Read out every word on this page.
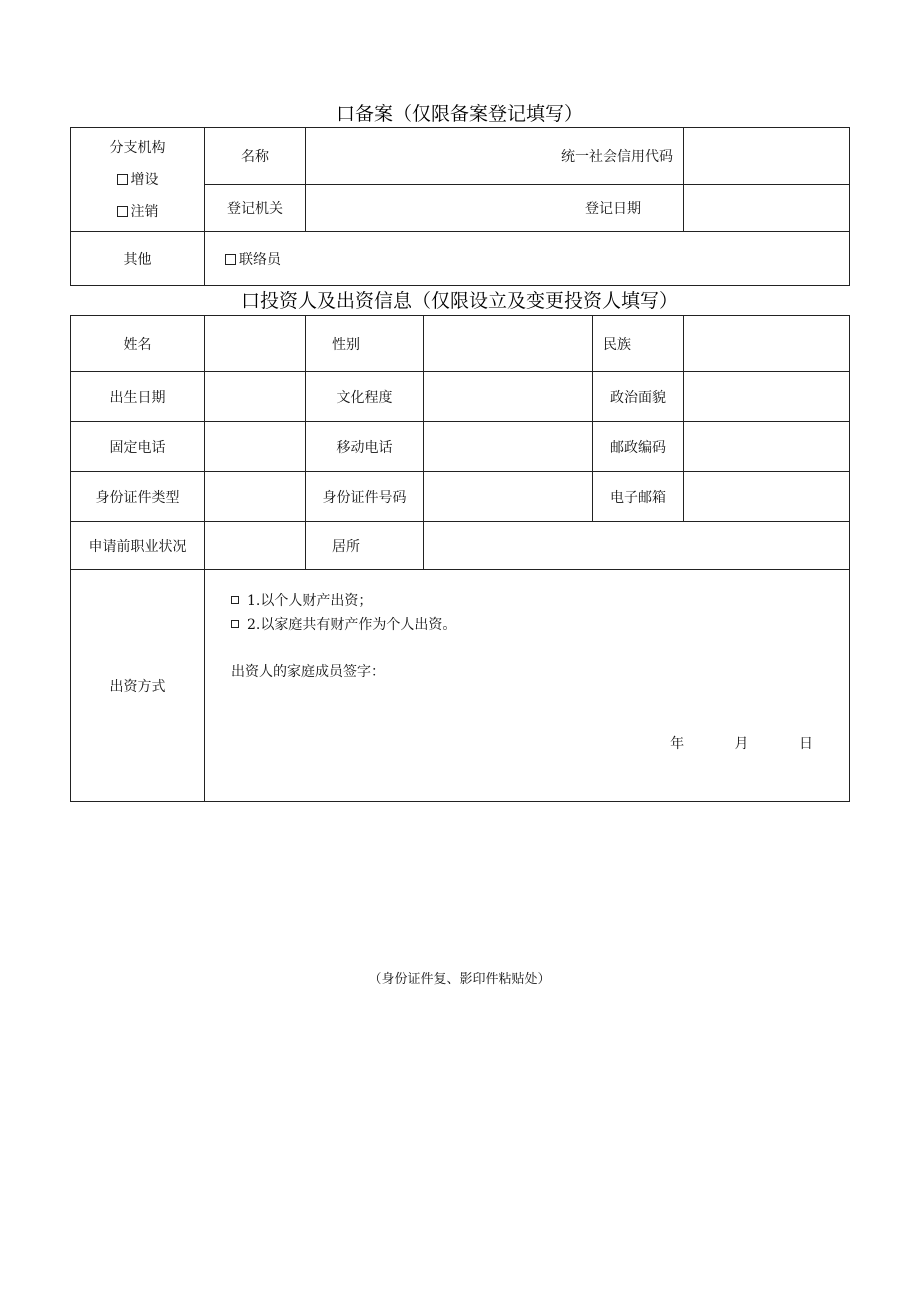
口备案（仅限备案登记填写）
分支机构
增设
注销	名称	统一社会信用代码	
	登记机关	登记日期	
其他	联络员		
口投资人及出资信息（仅限设立及变更投资人填写）
姓名		性别		民族	
出生日期		文化程度		政治面貌	
固定电话		移动电话		邮政编码	
身份证件类型		身份证件号码		电子邮箱	
申请前职业状况		居所			
出资方式	1.以个人财产出资；
2.以家庭共有财产作为个人出资。
出资人的家庭成员签字：
年 月 日				
（身份证件复、影印件粘贴处）
